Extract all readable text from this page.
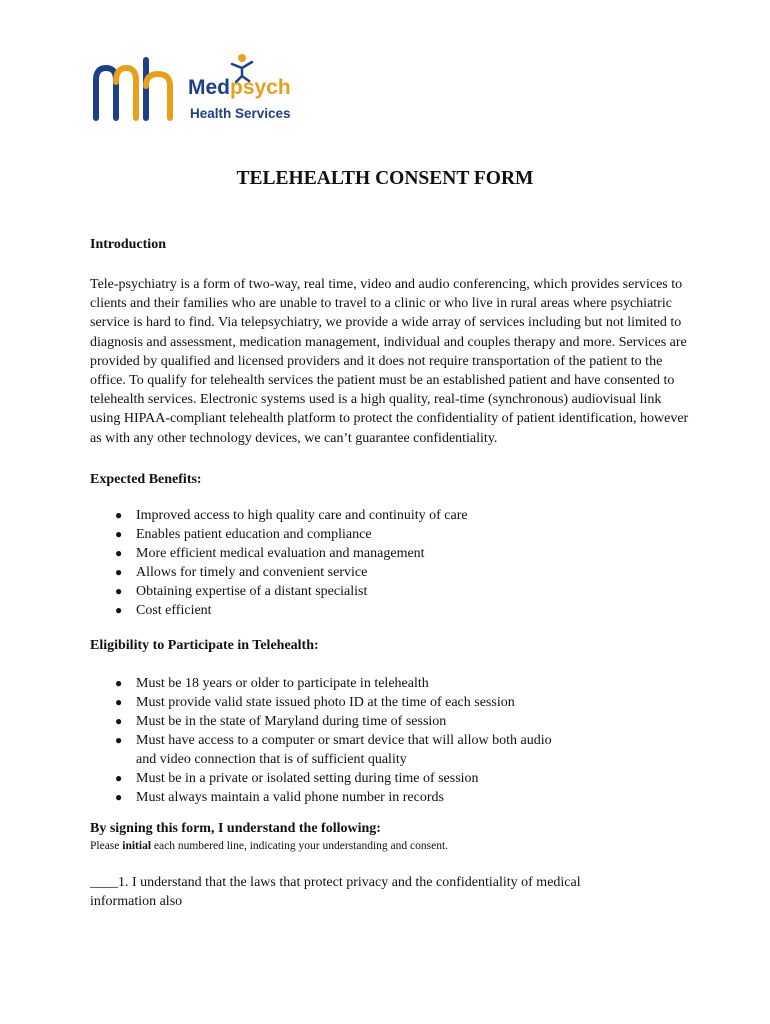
Medpsych
Health Services
TELEHEALTH CONSENT FORM

Introduction

Tele-psychiatry is a form of two-way, real time, video and audio conferencing, which provides services to clients and their families who are unable to travel to a clinic or who live in rural areas where psychiatric service is hard to find. Via telepsychiatry, we provide a wide array of services including but not limited to diagnosis and assessment, medication management, individual and couples therapy and more. Services are provided by qualified and licensed providers and it does not require transportation of the patient to the office. To qualify for telehealth services the patient must be an established patient and have consented to telehealth services. Electronic systems used is a high quality, real-time (synchronous) audiovisual link using HIPAA-compliant telehealth platform to protect the confidentiality of patient identification, however as with any other technology devices, we can’t guarantee confidentiality.

Expected Benefits:

● Improved access to high quality care and continuity of care
● Enables patient education and compliance
● More efficient medical evaluation and management
● Allows for timely and convenient service
● Obtaining expertise of a distant specialist
● Cost efficient

Eligibility to Participate in Telehealth:

● Must be 18 years or older to participate in telehealth
● Must provide valid state issued photo ID at the time of each session
● Must be in the state of Maryland during time of session
● Must have access to a computer or smart device that will allow both audio and video connection that is of sufficient quality
● Must be in a private or isolated setting during time of session
● Must always maintain a valid phone number in records

By signing this form, I understand the following:

Please initial each numbered line, indicating your understanding and consent.

____1. I understand that the laws that protect privacy and the confidentiality of medical information also
